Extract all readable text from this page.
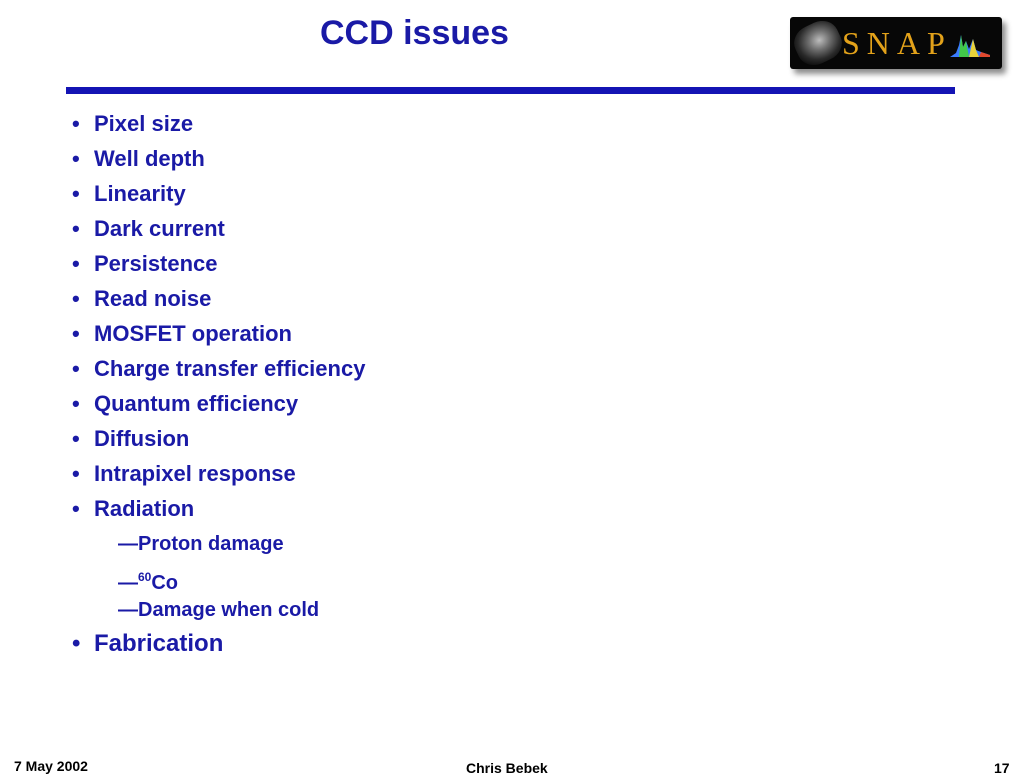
CCD issues	SNAP
• Pixel size
• Well depth
• Linearity
• Dark current
• Persistence
• Read noise
• MOSFET operation
• Charge transfer efficiency
• Quantum efficiency
• Diffusion
• Intrapixel response
• Radiation
—Proton damage
—$^{60}$Co
—Damage when cold
• Fabrication
7 May 2002	Chris Bebek	17
